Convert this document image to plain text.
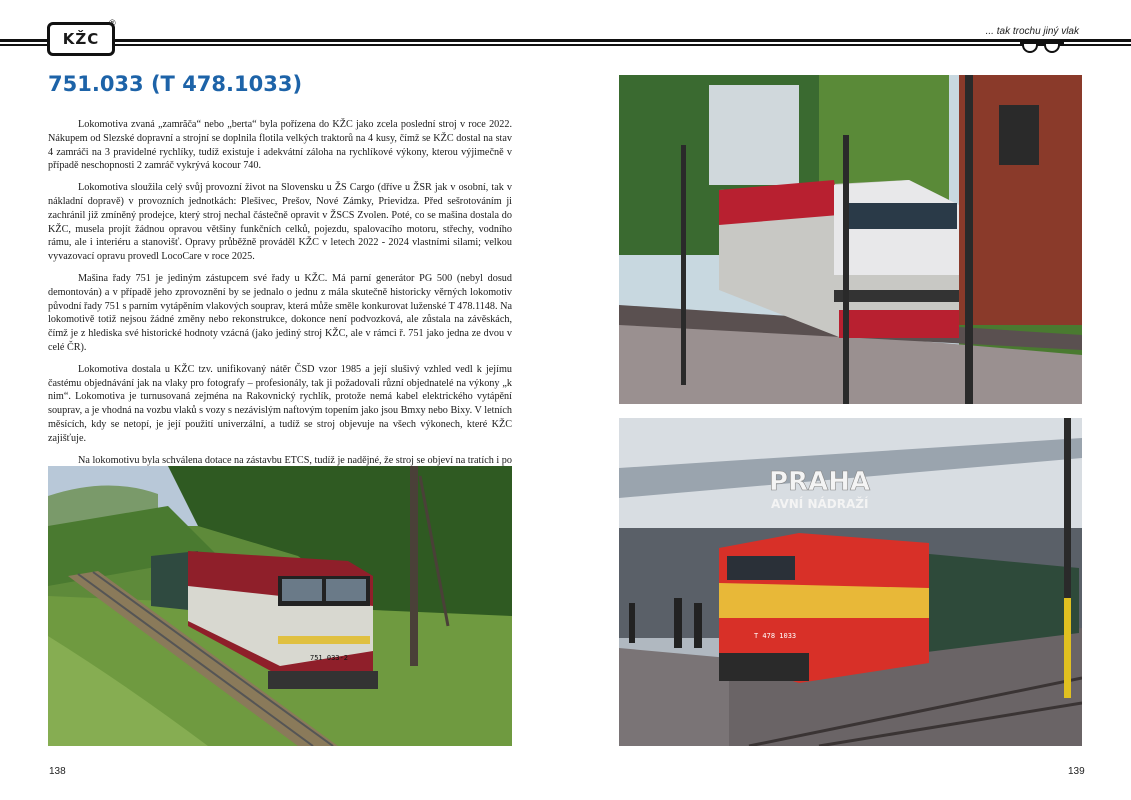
KŽC
®
... tak trochu jiný vlak
751.033 (T 478.1033)

Lokomotiva zvaná „zamrăča“ nebo „berta“ byla pořízena do KŽC jako zcela poslední stroj v roce 2022. Nákupem od Slezské dopravní a strojní se doplnila flotila velkých traktorů na 4 kusy, čímž se KŽC dostal na stav 4 zamráči na 3 pravidelné rychlíky, tudíž existuje i adekvátní záloha na rychlíkové výkony, kterou výjimečně v případě neschopnosti 2 zamráč vykrývá kocour 740.

Lokomotiva sloužila celý svůj provozní život na Slovensku u ŽS Cargo (dříve u ŽSR jak v osobní, tak v nákladní dopravě) v provozních jednotkách: Plešivec, Prešov, Nové Zámky, Prievidza. Před sešrotováním ji zachránil již zmíněný prodejce, který stroj nechal částečně opravit v ŽSCS Zvolen. Poté, co se mašina dostala do KŽC, musela projít žádnou opravou většiny funkčních celků, pojezdu, spalovacího motoru, střechy, vodního rámu, ale i interiéru a stanovišť. Opravy průběžně prováděl KŽC v letech 2022 - 2024 vlastními silami; velkou vyvazovací opravu provedl LocoCare v roce 2025.

Mašina řady 751 je jediným zástupcem své řady u KŽC. Má parní generátor PG 500 (nebyl dosud demontován) a v případě jeho zprovoznění by se jednalo o jednu z mála skutečně historicky věrných lokomotiv původní řady 751 s parním vytápěním vlakových souprav, která může směle konkurovat luženské T 478.1148. Na lokomotivě totiž nejsou žádné změny nebo rekonstrukce, dokonce není podvozková, ale zůstala na závěskách, čímž je z hlediska své historické hodnoty vzácná (jako jediný stroj KŽC, ale v rámci ř. 751 jako jedna ze dvou v celé ČR).

Lokomotiva dostala u KŽC tzv. unifikovaný nátěr ČSD vzor 1985 a její slušivý vzhled vedl k jejímu častému objednávání jak na vlaky pro fotografy – profesionály, tak ji požadovali různí objednatelé na výkony „k nim“. Lokomotiva je turnusovaná zejména na Rakovnický rychlík, protože nemá kabel elektrického vytápění souprav, a je vhodná na vozbu vlaků s vozy s nezávislým naftovým topením jako jsou Bmxy nebo Bixy. V letních měsících, kdy se netopí, je její použití univerzální, a tudíž se stroj objevuje na všech výkonech, které KŽC zajišťuje.

Na lokomotivu byla schválena dotace na zástavbu ETCS, tudíž je nadějné, že stroj se objeví na tratích i po

751 033-2
PRAHA
AVNÍ NÁDRAŽÍ
T 478 1033
138	139
